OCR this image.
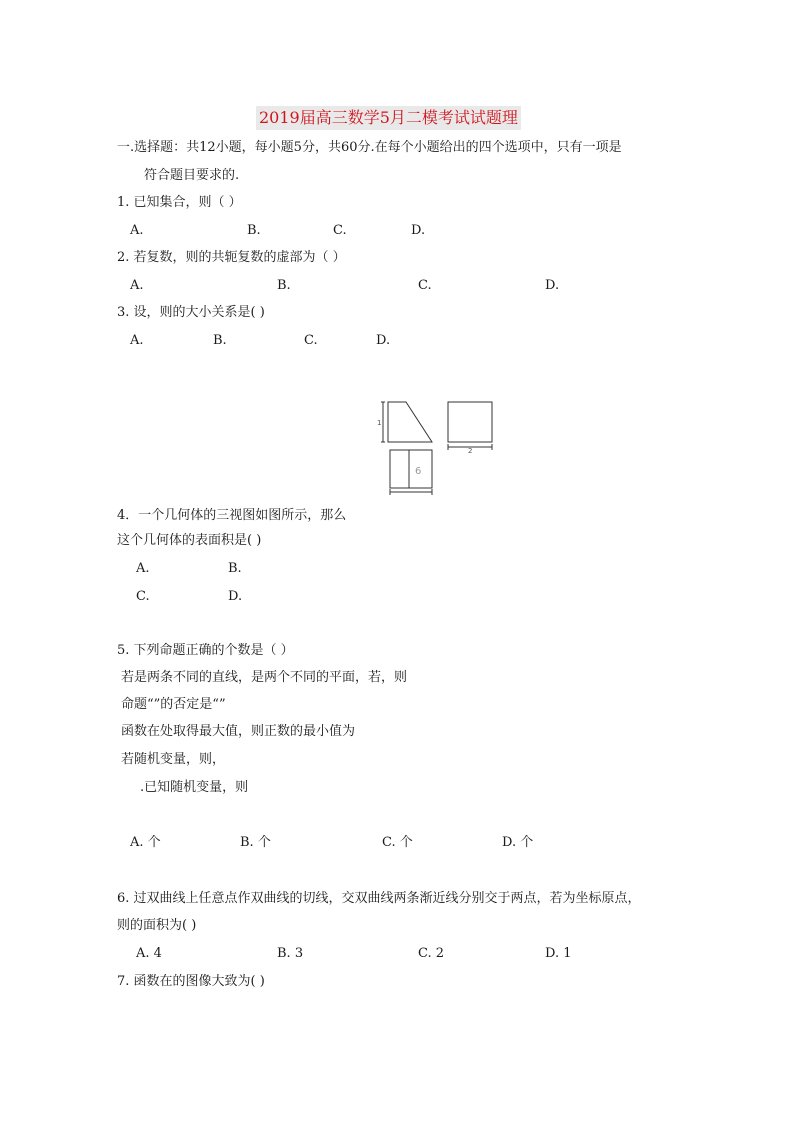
2019届高三数学5月二模考试试题理
一.选择题：共12小题，每小题5分，共60分.在每个小题给出的四个选项中，只有一项是
符合题目要求的.
1. 已知集合，则（ ）
A.	B.	C.	D.
2. 若复数，则的共轭复数的虚部为（ ）
A.	B.	C.	D.
3. 设，则的大小关系是( )
A.	B.	C.	D.
1
2
6
4．一个几何体的三视图如图所示，那么
这个几何体的表面积是( )
A.	B.
C.	D.
5. 下列命题正确的个数是（ ）
若是两条不同的直线，是两个不同的平面，若，则
命题“”的否定是“”
函数在处取得最大值，则正数的最小值为
若随机变量，则，
.已知随机变量，则
A. 个	B. 个	C. 个	D. 个
6. 过双曲线上任意点作双曲线的切线，交双曲线两条渐近线分别交于两点，若为坐标原点，
则的面积为( )
A. 4	B. 3	C. 2	D. 1
7. 函数在的图像大致为( )
